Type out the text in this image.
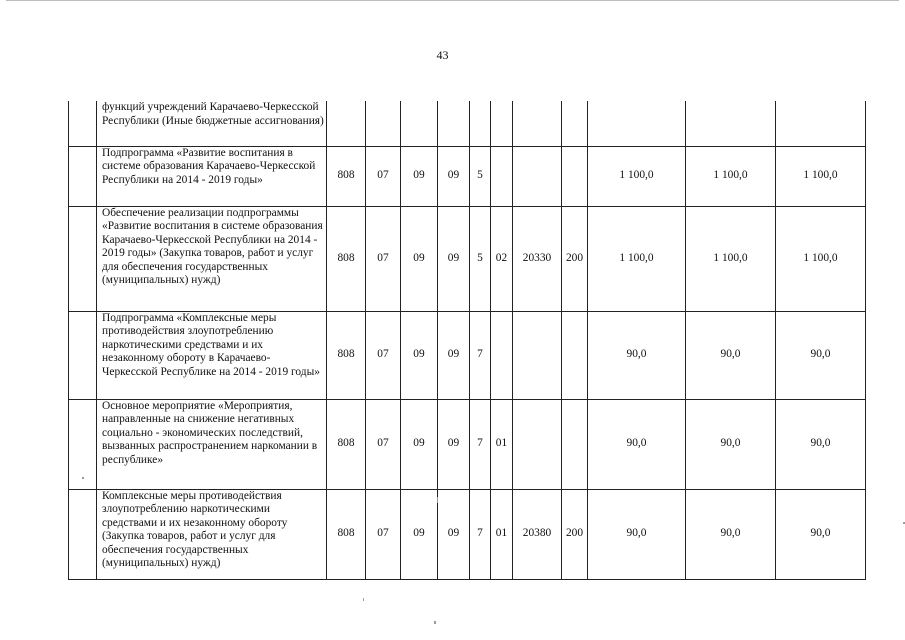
43
	функций учреждений Карачаево-Черкесской Республики (Иные бюджетные ассигнования)											
	Подпрограмма «Развитие воспитания в системе образования Карачаево-Черкесской Республики на 2014 - 2019 годы»	808	07	09	09	5				1 100,0	1 100,0	1 100,0
	Обеспечение реализации подпрограммы «Развитие воспитания в системе образования Карачаево-Черкесской Республики на 2014 - 2019 годы» (Закупка товаров, работ и услуг для обеспечения государственных (муниципальных) нужд)	808	07	09	09	5	02	20330	200	1 100,0	1 100,0	1 100,0
	Подпрограмма «Комплексные меры противодействия злоупотреблению наркотическими средствами и их незаконному обороту в Карачаево-Черкесской Республике на 2014 - 2019 годы»	808	07	09	09	7				90,0	90,0	90,0
	Основное мероприятие «Мероприятия, направленные на снижение негативных социально - экономических последствий, вызванных распространением наркомании в республике»	808	07	09	09	7	01			90,0	90,0	90,0
	Комплексные меры противодействия злоупотреблению наркотическими средствами и их незаконному обороту (Закупка товаров, работ и услуг для обеспечения государственных (муниципальных) нужд)	808	07	09	09	7	01	20380	200	90,0	90,0	90,0
